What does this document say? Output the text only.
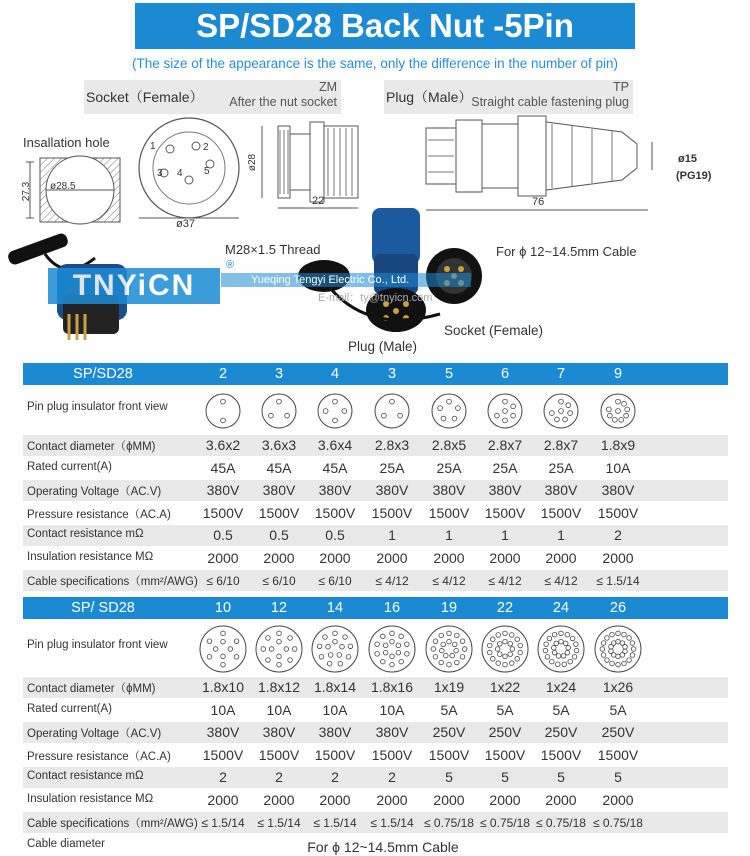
SP/SD28 Back Nut -5Pin
(The size of the appearance is the same, only the difference in the number of pin)
Socket（Female）
ZM
After the nut socket	Plug（Male）
TP
Straight cable fastening plug
Insallation hole
ø28.5
27.3
1	2
3 4 5
ø37
ø28
22
M28×1.5 Thread
ø15
(PG19)
76
For ϕ 12~14.5mm Cable
TNYiCN
®
Yueqing Tengyi Electric Co., Ltd.
E-mail：ty@tnyicn.com
Socket (Female)
Plug (Male)
SP/SD28	2	3	4	3	5	6	7	9
Pin plug insulator front view
Contact diameter（ϕMM)	3.6x2	3.6x3	3.6x4	2.8x3	2.8x5	2.8x7	2.8x7	1.8x9
Rated current(A)	45A	45A	45A	25A	25A	25A	25A	10A
Operating Voltage（AC.V)	380V	380V	380V	380V	380V	380V	380V	380V
Pressure resistance（AC.A)	1500V	1500V	1500V	1500V	1500V	1500V	1500V	1500V
Contact resistance mΩ	0.5	0.5	0.5	1	1	1	1	2
Insulation resistance MΩ	2000	2000	2000	2000	2000	2000	2000	2000
Cable specifications（mm²/AWG) ≤ 6/10	≤ 6/10	≤ 6/10	≤ 4/12	≤ 4/12	≤ 4/12	≤ 4/12	≤ 1.5/14
SP/ SD28	10	12	14	16	19	22	24	26
Pin plug insulator front view
Contact diameter（ϕMM)	1.8x10 1.8x12 1.8x14	1.8x16	1x19	1x22	1x24	1x26
Rated current(A)	10A	10A	10A	10A	5A	5A	5A	5A
Operating Voltage（AC.V)	380V	380V	380V	380V	250V	250V	250V	250V
Pressure resistance（AC.A)	1500V	1500V	1500V	1500V	1500V	1500V	1500V	1500V
Contact resistance mΩ	2	2	2	2	5	5	5	5
Insulation resistance MΩ	2000	2000	2000	2000	2000	2000	2000	2000
Cable specifications（mm²/AWG) ≤ 1.5/14	≤ 1.5/14	≤ 1.5/14	≤ 1.5/14 ≤ 0.75/18 ≤ 0.75/18 ≤ 0.75/18 ≤ 0.75/18
Cable diameter	For ϕ 12~14.5mm Cable
